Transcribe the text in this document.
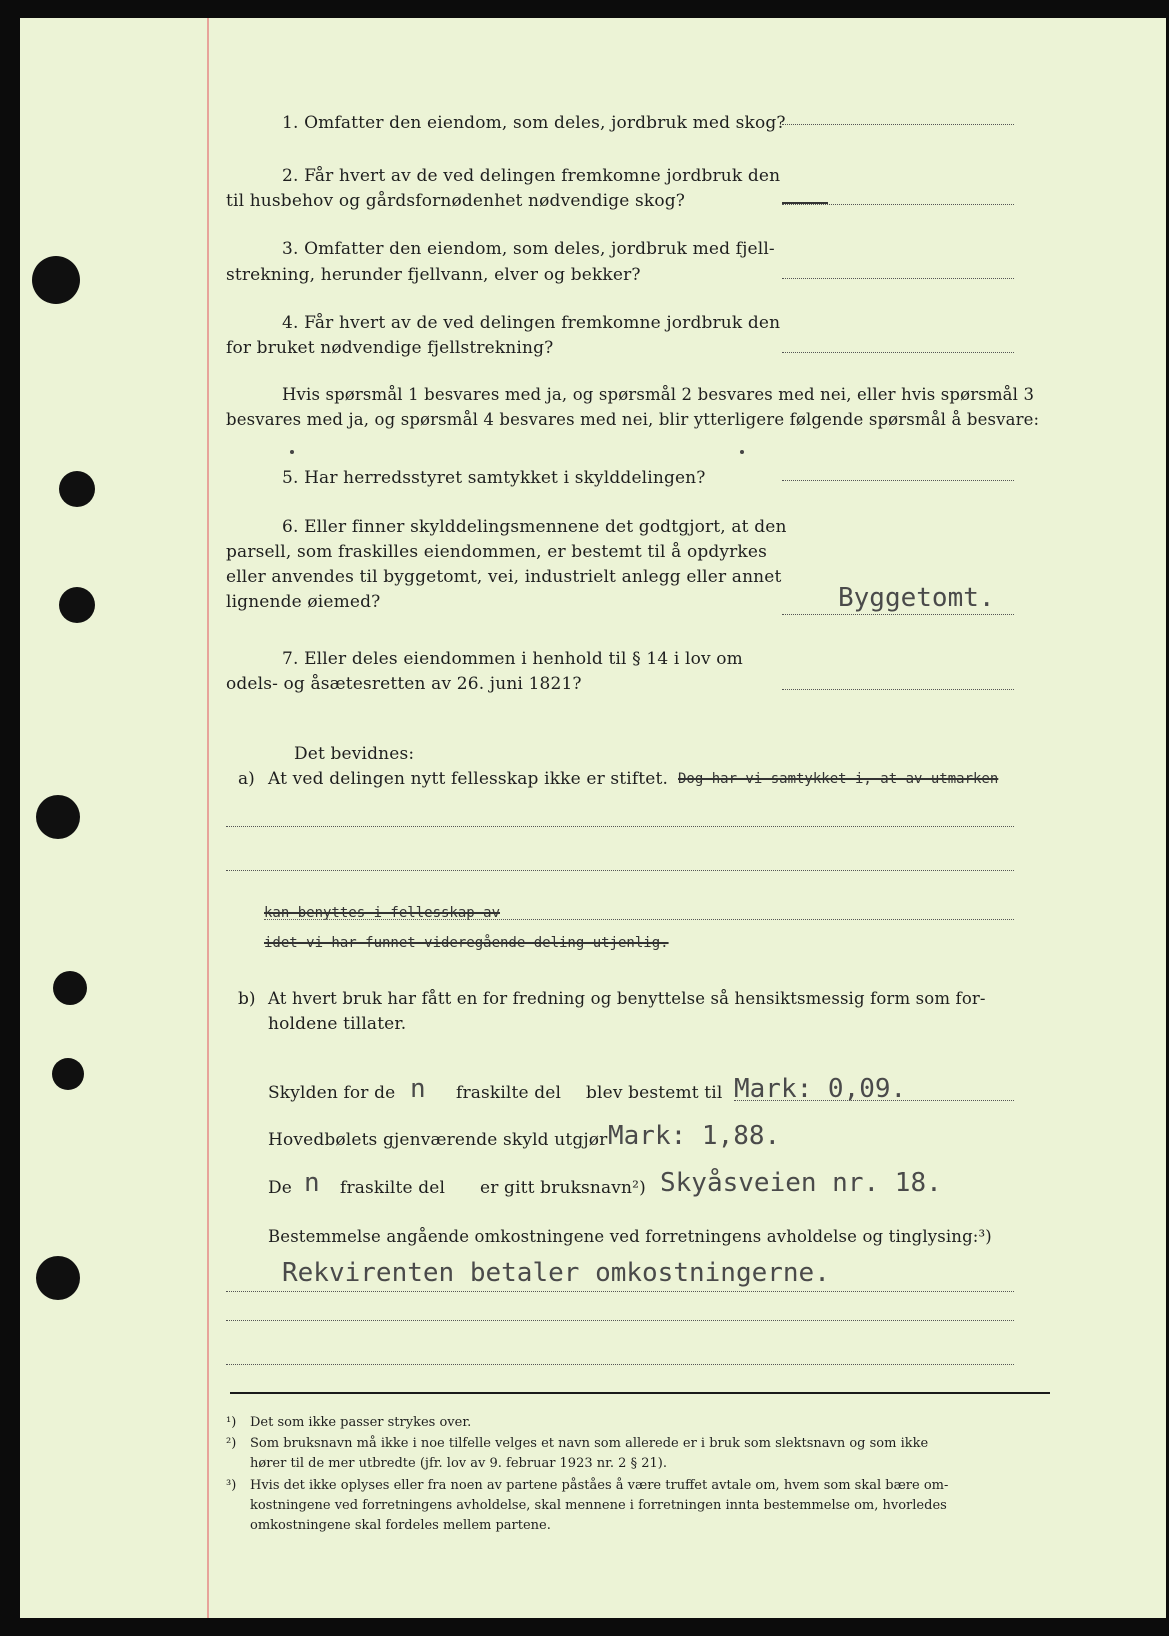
1. Omfatter den eiendom, som deles, jordbruk med skog?
2. Får hvert av de ved delingen fremkomne jordbruk den
til husbehov og gårdsfornødenhet nødvendige skog?
3. Omfatter den eiendom, som deles, jordbruk med fjell-
strekning, herunder fjellvann, elver og bekker?
4. Får hvert av de ved delingen fremkomne jordbruk den
for bruket nødvendige fjellstrekning?
Hvis spørsmål 1 besvares med ja, og spørsmål 2 besvares med nei, eller hvis spørsmål 3
besvares med ja, og spørsmål 4 besvares med nei, blir ytterligere følgende spørsmål å besvare:
5. Har herredsstyret samtykket i skylddelingen?
6. Eller finner skylddelingsmennene det godtgjort, at den
parsell, som fraskilles eiendommen, er bestemt til å opdyrkes
eller anvendes til byggetomt, vei, industrielt anlegg eller annet
lignende øiemed?	Byggetomt.
7. Eller deles eiendommen i henhold til § 14 i lov om
odels- og åsætesretten av 26. juni 1821?
Det bevidnes:
a) At ved delingen nytt fellesskap ikke er stiftet. Dog har vi samtykket i, at av utmarken
kan benyttes i fellesskap av
idet vi har funnet videregående deling utjenlig.
b) At hvert bruk har fått en for fredning og benyttelse så hensiktsmessig form som for-
holdene tillater.
Skylden for de n fraskilte del blev bestemt til Mark: 0,09.
Hovedbølets gjenværende skyld utgjør Mark: 1,88.
De n fraskilte del er gitt bruksnavn²) Skyåsveien nr. 18.
Bestemmelse angående omkostningene ved forretningens avholdelse og tinglysing:³)
Rekvirenten betaler omkostningerne.
¹) Det som ikke passer strykes over.
²) Som bruksnavn må ikke i noe tilfelle velges et navn som allerede er i bruk som slektsnavn og som ikke
hører til de mer utbredte (jfr. lov av 9. februar 1923 nr. 2 § 21).
³) Hvis det ikke oplyses eller fra noen av partene påståes å være truffet avtale om, hvem som skal bære om-
kostningene ved forretningens avholdelse, skal mennene i forretningen innta bestemmelse om, hvorledes
omkostningene skal fordeles mellem partene.
